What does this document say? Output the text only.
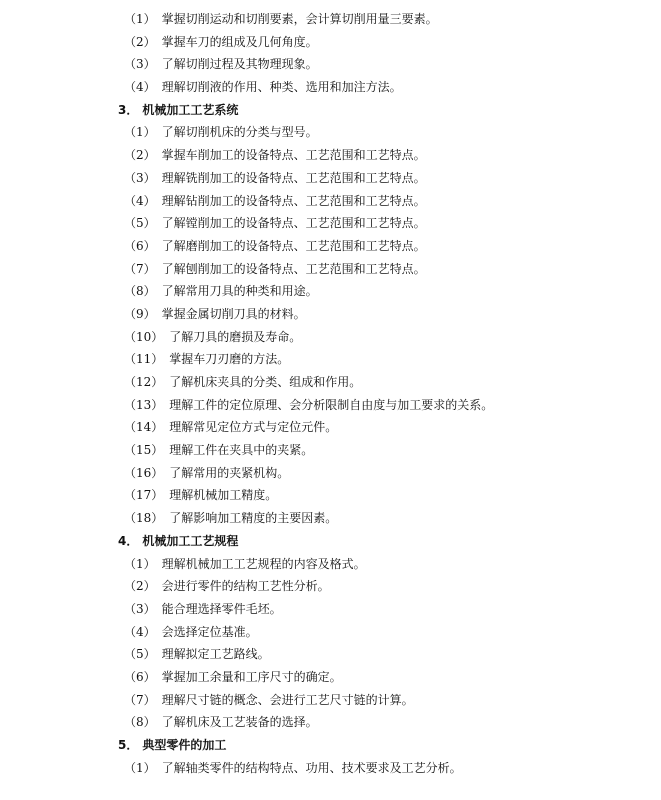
（1） 掌握切削运动和切削要素，会计算切削用量三要素。
（2） 掌握车刀的组成及几何角度。
（3） 了解切削过程及其物理现象。
（4） 理解切削液的作用、种类、选用和加注方法。
3． 机械加工工艺系统
（1） 了解切削机床的分类与型号。
（2） 掌握车削加工的设备特点、工艺范围和工艺特点。
（3） 理解铣削加工的设备特点、工艺范围和工艺特点。
（4） 理解钻削加工的设备特点、工艺范围和工艺特点。
（5） 了解镗削加工的设备特点、工艺范围和工艺特点。
（6） 了解磨削加工的设备特点、工艺范围和工艺特点。
（7） 了解刨削加工的设备特点、工艺范围和工艺特点。
（8） 了解常用刀具的种类和用途。
（9） 掌握金属切削刀具的材料。
（10） 了解刀具的磨损及寿命。
（11） 掌握车刀刃磨的方法。
（12） 了解机床夹具的分类、组成和作用。
（13） 理解工件的定位原理、会分析限制自由度与加工要求的关系。
（14） 理解常见定位方式与定位元件。
（15） 理解工件在夹具中的夹紧。
（16） 了解常用的夹紧机构。
（17） 理解机械加工精度。
（18） 了解影响加工精度的主要因素。
4． 机械加工工艺规程
（1） 理解机械加工工艺规程的内容及格式。
（2） 会进行零件的结构工艺性分析。
（3） 能合理选择零件毛坯。
（4） 会选择定位基准。
（5） 理解拟定工艺路线。
（6） 掌握加工余量和工序尺寸的确定。
（7） 理解尺寸链的概念、会进行工艺尺寸链的计算。
（8） 了解机床及工艺装备的选择。
5． 典型零件的加工
（1） 了解轴类零件的结构特点、功用、技术要求及工艺分析。
